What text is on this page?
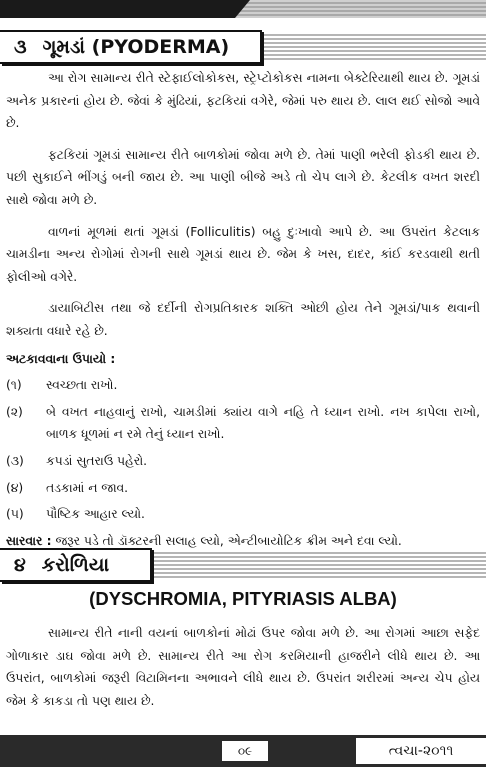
૩ ગૂમડાં (PYODERMA)

આ રોગ સામાન્ય રીતે સ્ટેફાઈલોકોકસ, સ્ટ્રેપ્ટોકોકસ નામના બેક્ટેરિયાથી થાય છે. ગૂમડાં અનેક પ્રકારનાં હોય છે. જેવાં કે મુંઢિયાં, ફટકિયાં વગેરે, જેમાં પરુ થાય છે. લાલ થઈ સોજો આવે છે.

ફટકિયાં ગૂમડાં સામાન્ય રીતે બાળકોમાં જોવા મળે છે. તેમાં પાણી ભરેલી ફોડકી થાય છે. પછી સુકાઈને ભીંગડું બની જાય છે. આ પાણી બીજે અડે તો ચેપ લાગે છે. કેટલીક વખત શરદી સાથે જોવા મળે છે.

વાળનાં મૂળમાં થતાં ગૂમડાં (Folliculitis) બહુ દુઃખાવો આપે છે. આ ઉપરાંત કેટલાક ચામડીના અન્ય રોગોમાં રોગની સાથે ગૂમડાં થાય છે. જેમ કે ખસ, દાદર, કાંઈ કરડવાથી થતી ફોલીઓ વગેરે.

ડાયાબિટીસ તથા જે દર્દીની રોગપ્રતિકારક શક્તિ ઓછી હોય તેને ગૂમડાં/પાક થવાની શક્યતા વધારે રહે છે.

અટકાવવાના ઉપાયો :

(૧)	સ્વચ્છતા રાખો.
(૨)	બે વખત નાહવાનું રાખો, ચામડીમાં ક્યાંય વાગે નહિ તે ધ્યાન રાખો. નખ કાપેલા રાખો, બાળક ધૂળમાં ન રમે તેનું ધ્યાન રાખો.
(૩)	કપડાં સુતરાઉ પહેરો.
(૪)	તડકામાં ન જાવ.
(૫)	પૌષ્ટિક આહાર લ્યો.

સારવાર : જરૂર પડે તો ડૉક્ટરની સલાહ લ્યો, એન્ટીબાયોટિક ક્રીમ અને દવા લ્યો.

૪ કરોળિયા
(DYSCHROMIA, PITYRIASIS ALBA)

સામાન્ય રીતે નાની વયનાં બાળકોનાં મોઢાં ઉપર જોવા મળે છે. આ રોગમાં આછા સફેદ ગોળાકાર ડાઘ જોવા મળે છે. સામાન્ય રીતે આ રોગ કરમિયાની હાજરીને લીધે થાય છે. આ ઉપરાંત, બાળકોમાં જરૂરી વિટામિનના અભાવને લીધે થાય છે. ઉપરાંત શરીરમાં અન્ય ચેપ હોય જેમ કે કાકડા તો પણ થાય છે.

૦૯	ત્વચા-૨૦૧૧
